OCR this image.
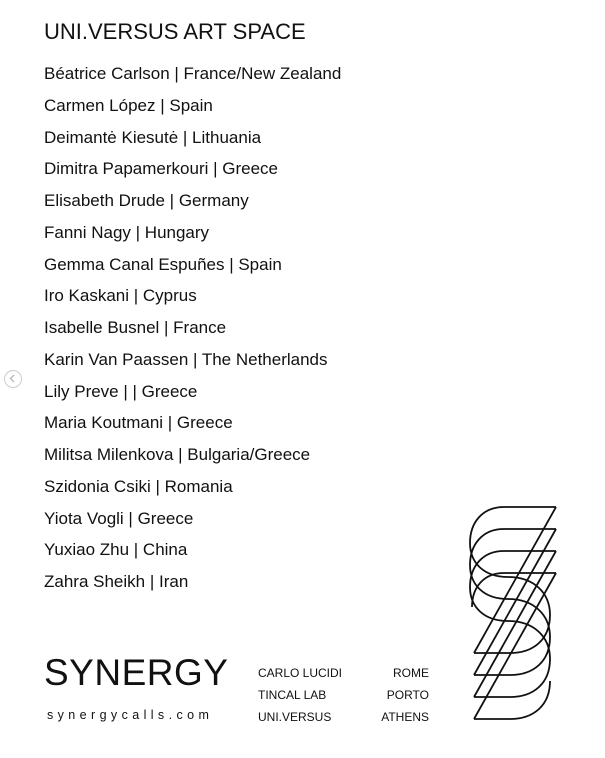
UNI.VERSUS ART SPACE
Béatrice Carlson | France/New Zealand
Carmen López | Spain
Deimantė Kiesutė | Lithuania
Dimitra Papamerkouri | Greece
Elisabeth Drude | Germany
Fanni Nagy | Hungary
Gemma Canal Espuñes | Spain
Iro Kaskani | Cyprus
Isabelle Busnel | France
Karin Van Paassen | The Netherlands
Lily Preve | | Greece
Maria Koutmani | Greece
Militsa Milenkova | Bulgaria/Greece
Szidonia Csiki | Romania
Yiota Vogli | Greece
Yuxiao Zhu | China
Zahra Sheikh | Iran
SYNERGY
synergycalls.com
CARLO LUCIDI
TINCAL LAB
UNI.VERSUS
ROME
PORTO
ATHENS
